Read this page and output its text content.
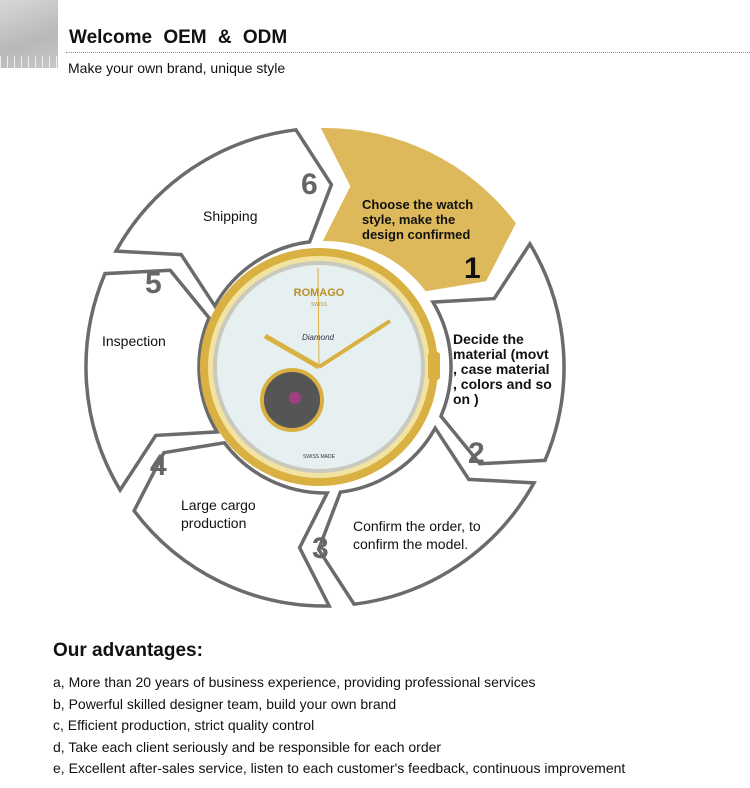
Welcome OEM & ODM
Make your own brand, unique style
ROMAGO
SWISS
Diamond
SWISS MADE
6
Shipping
Choose the watch style, make the design confirmed
1
Decide the material (movt , case material , colors and so on )
2
Confirm the order, to confirm the model.
3
Large cargo production
4
Inspection
5
Our advantages:
a, More than 20 years of business experience, providing professional services
b, Powerful skilled designer team, build your own brand
c, Efficient production, strict quality control
d, Take each client seriously and be responsible for each order
e, Excellent after-sales service, listen to each customer's feedback, continuous improvement
